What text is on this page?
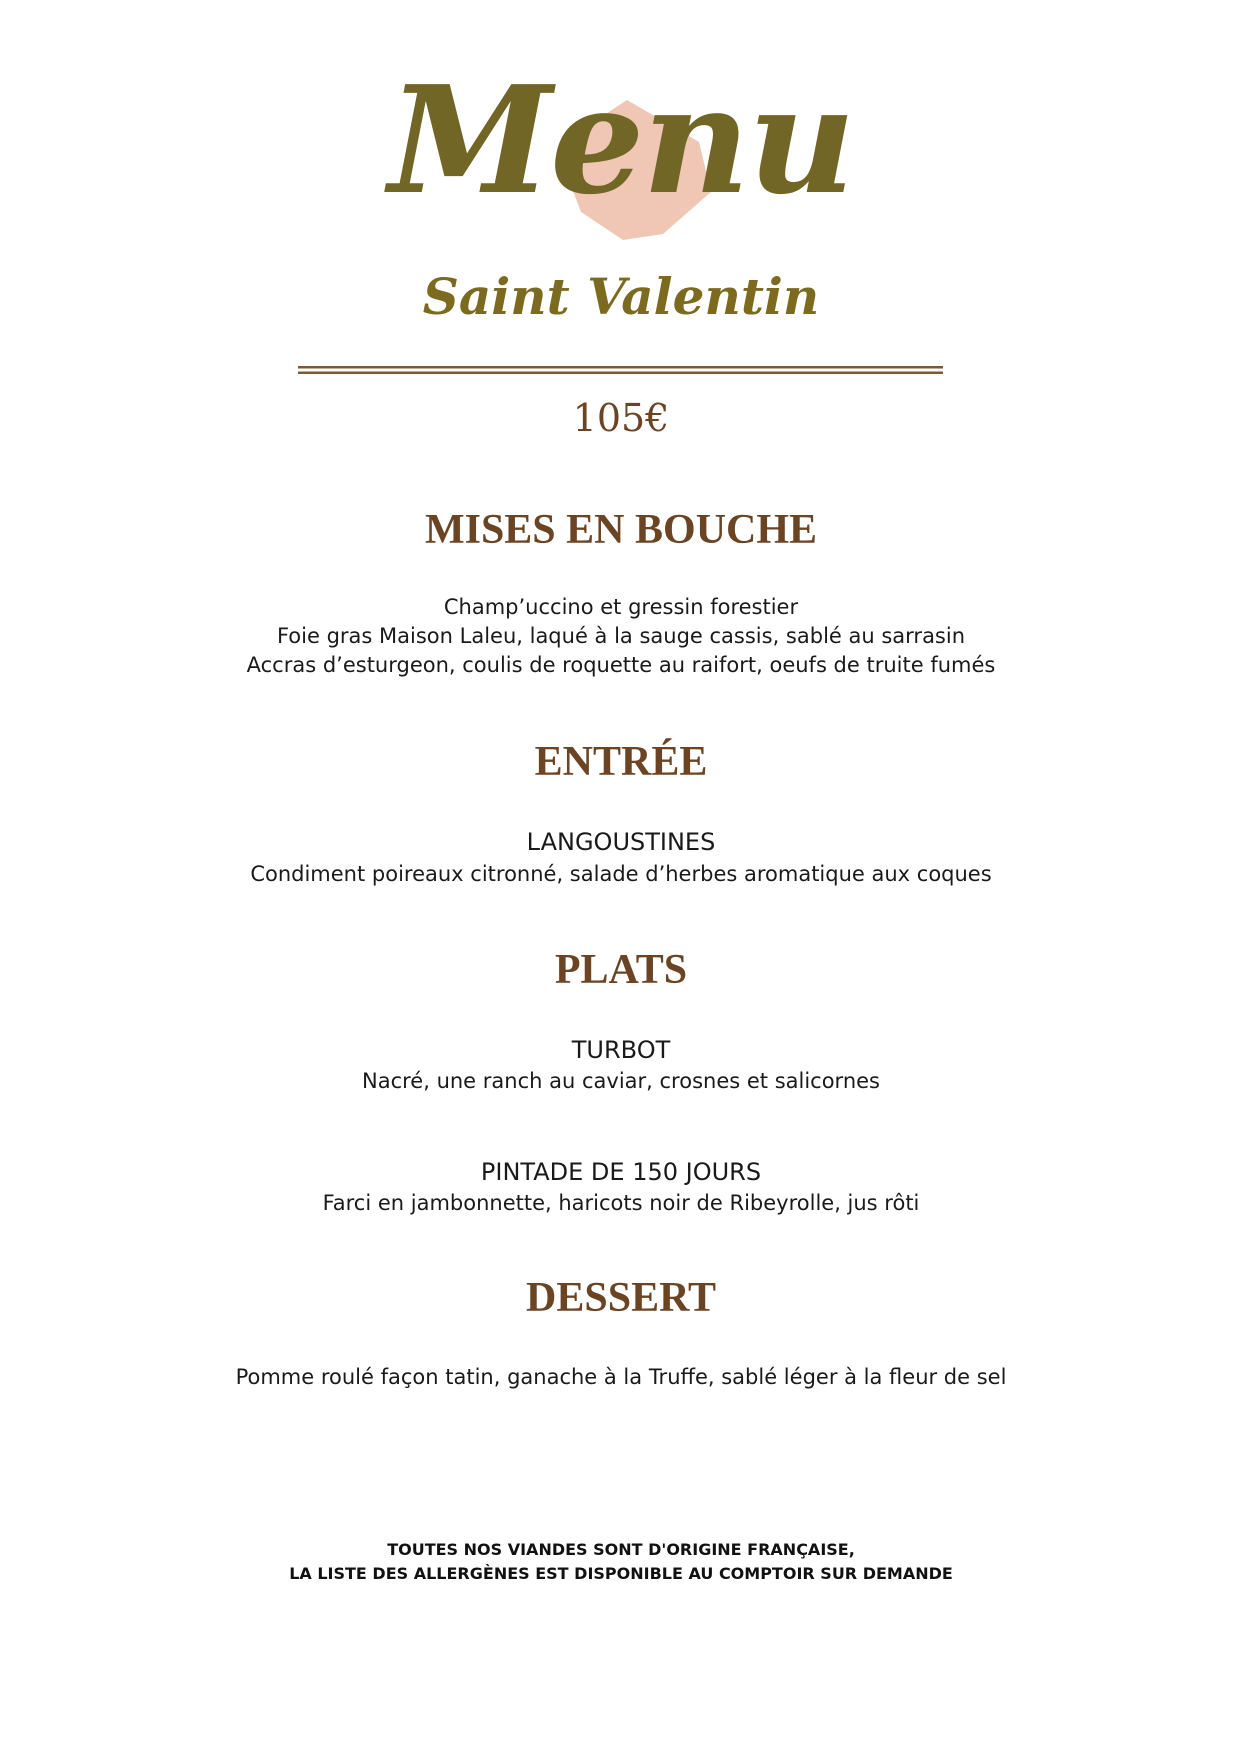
Menu
Saint Valentin
105€
MISES EN BOUCHE

Champ’uccino et gressin forestier

Foie gras Maison Laleu, laqué à la sauge cassis, sablé au sarrasin

Accras d’esturgeon, coulis de roquette au raifort, oeufs de truite fumés

ENTRÉE

LANGOUSTINES

Condiment poireaux citronné, salade d’herbes aromatique aux coques

PLATS

TURBOT

Nacré, une ranch au caviar, crosnes et salicornes

PINTADE DE 150 JOURS

Farci en jambonnette, haricots noir de Ribeyrolle, jus rôti

DESSERT

Pomme roulé façon tatin, ganache à la Truffe, sablé léger à la fleur de sel

TOUTES NOS VIANDES SONT D'ORIGINE FRANÇAISE,

LA LISTE DES ALLERGÈNES EST DISPONIBLE AU COMPTOIR SUR DEMANDE
